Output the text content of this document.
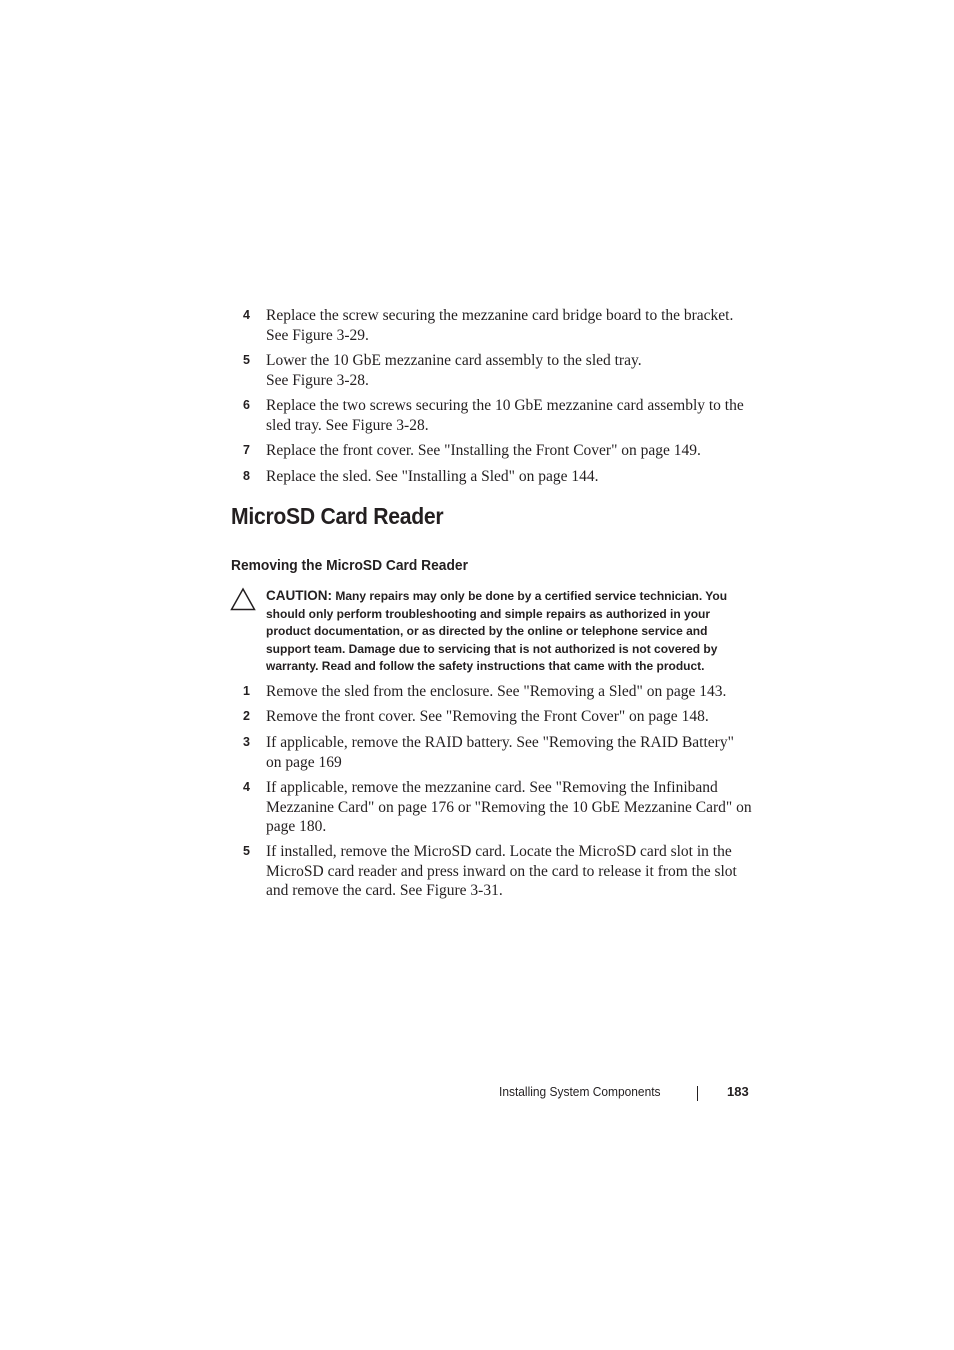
4 Replace the screw securing the mezzanine card bridge board to the bracket. See Figure 3-29.
5 Lower the 10 GbE mezzanine card assembly to the sled tray.
See Figure 3-28.
6 Replace the two screws securing the 10 GbE mezzanine card assembly to the sled tray. See Figure 3-28.
7 Replace the front cover. See "Installing the Front Cover" on page 149.
8 Replace the sled. See "Installing a Sled" on page 144.
MicroSD Card Reader
Removing the MicroSD Card Reader
CAUTION: Many repairs may only be done by a certified service technician. You should only perform troubleshooting and simple repairs as authorized in your product documentation, or as directed by the online or telephone service and support team. Damage due to servicing that is not authorized is not covered by warranty. Read and follow the safety instructions that came with the product.
1 Remove the sled from the enclosure. See "Removing a Sled" on page 143.
2 Remove the front cover. See "Removing the Front Cover" on page 148.
3 If applicable, remove the RAID battery. See "Removing the RAID Battery" on page 169
4 If applicable, remove the mezzanine card. See "Removing the Infiniband Mezzanine Card" on page 176 or "Removing the 10 GbE Mezzanine Card" on page 180.
5 If installed, remove the MicroSD card. Locate the MicroSD card slot in the MicroSD card reader and press inward on the card to release it from the slot and remove the card. See Figure 3-31.
Installing System Components	183
